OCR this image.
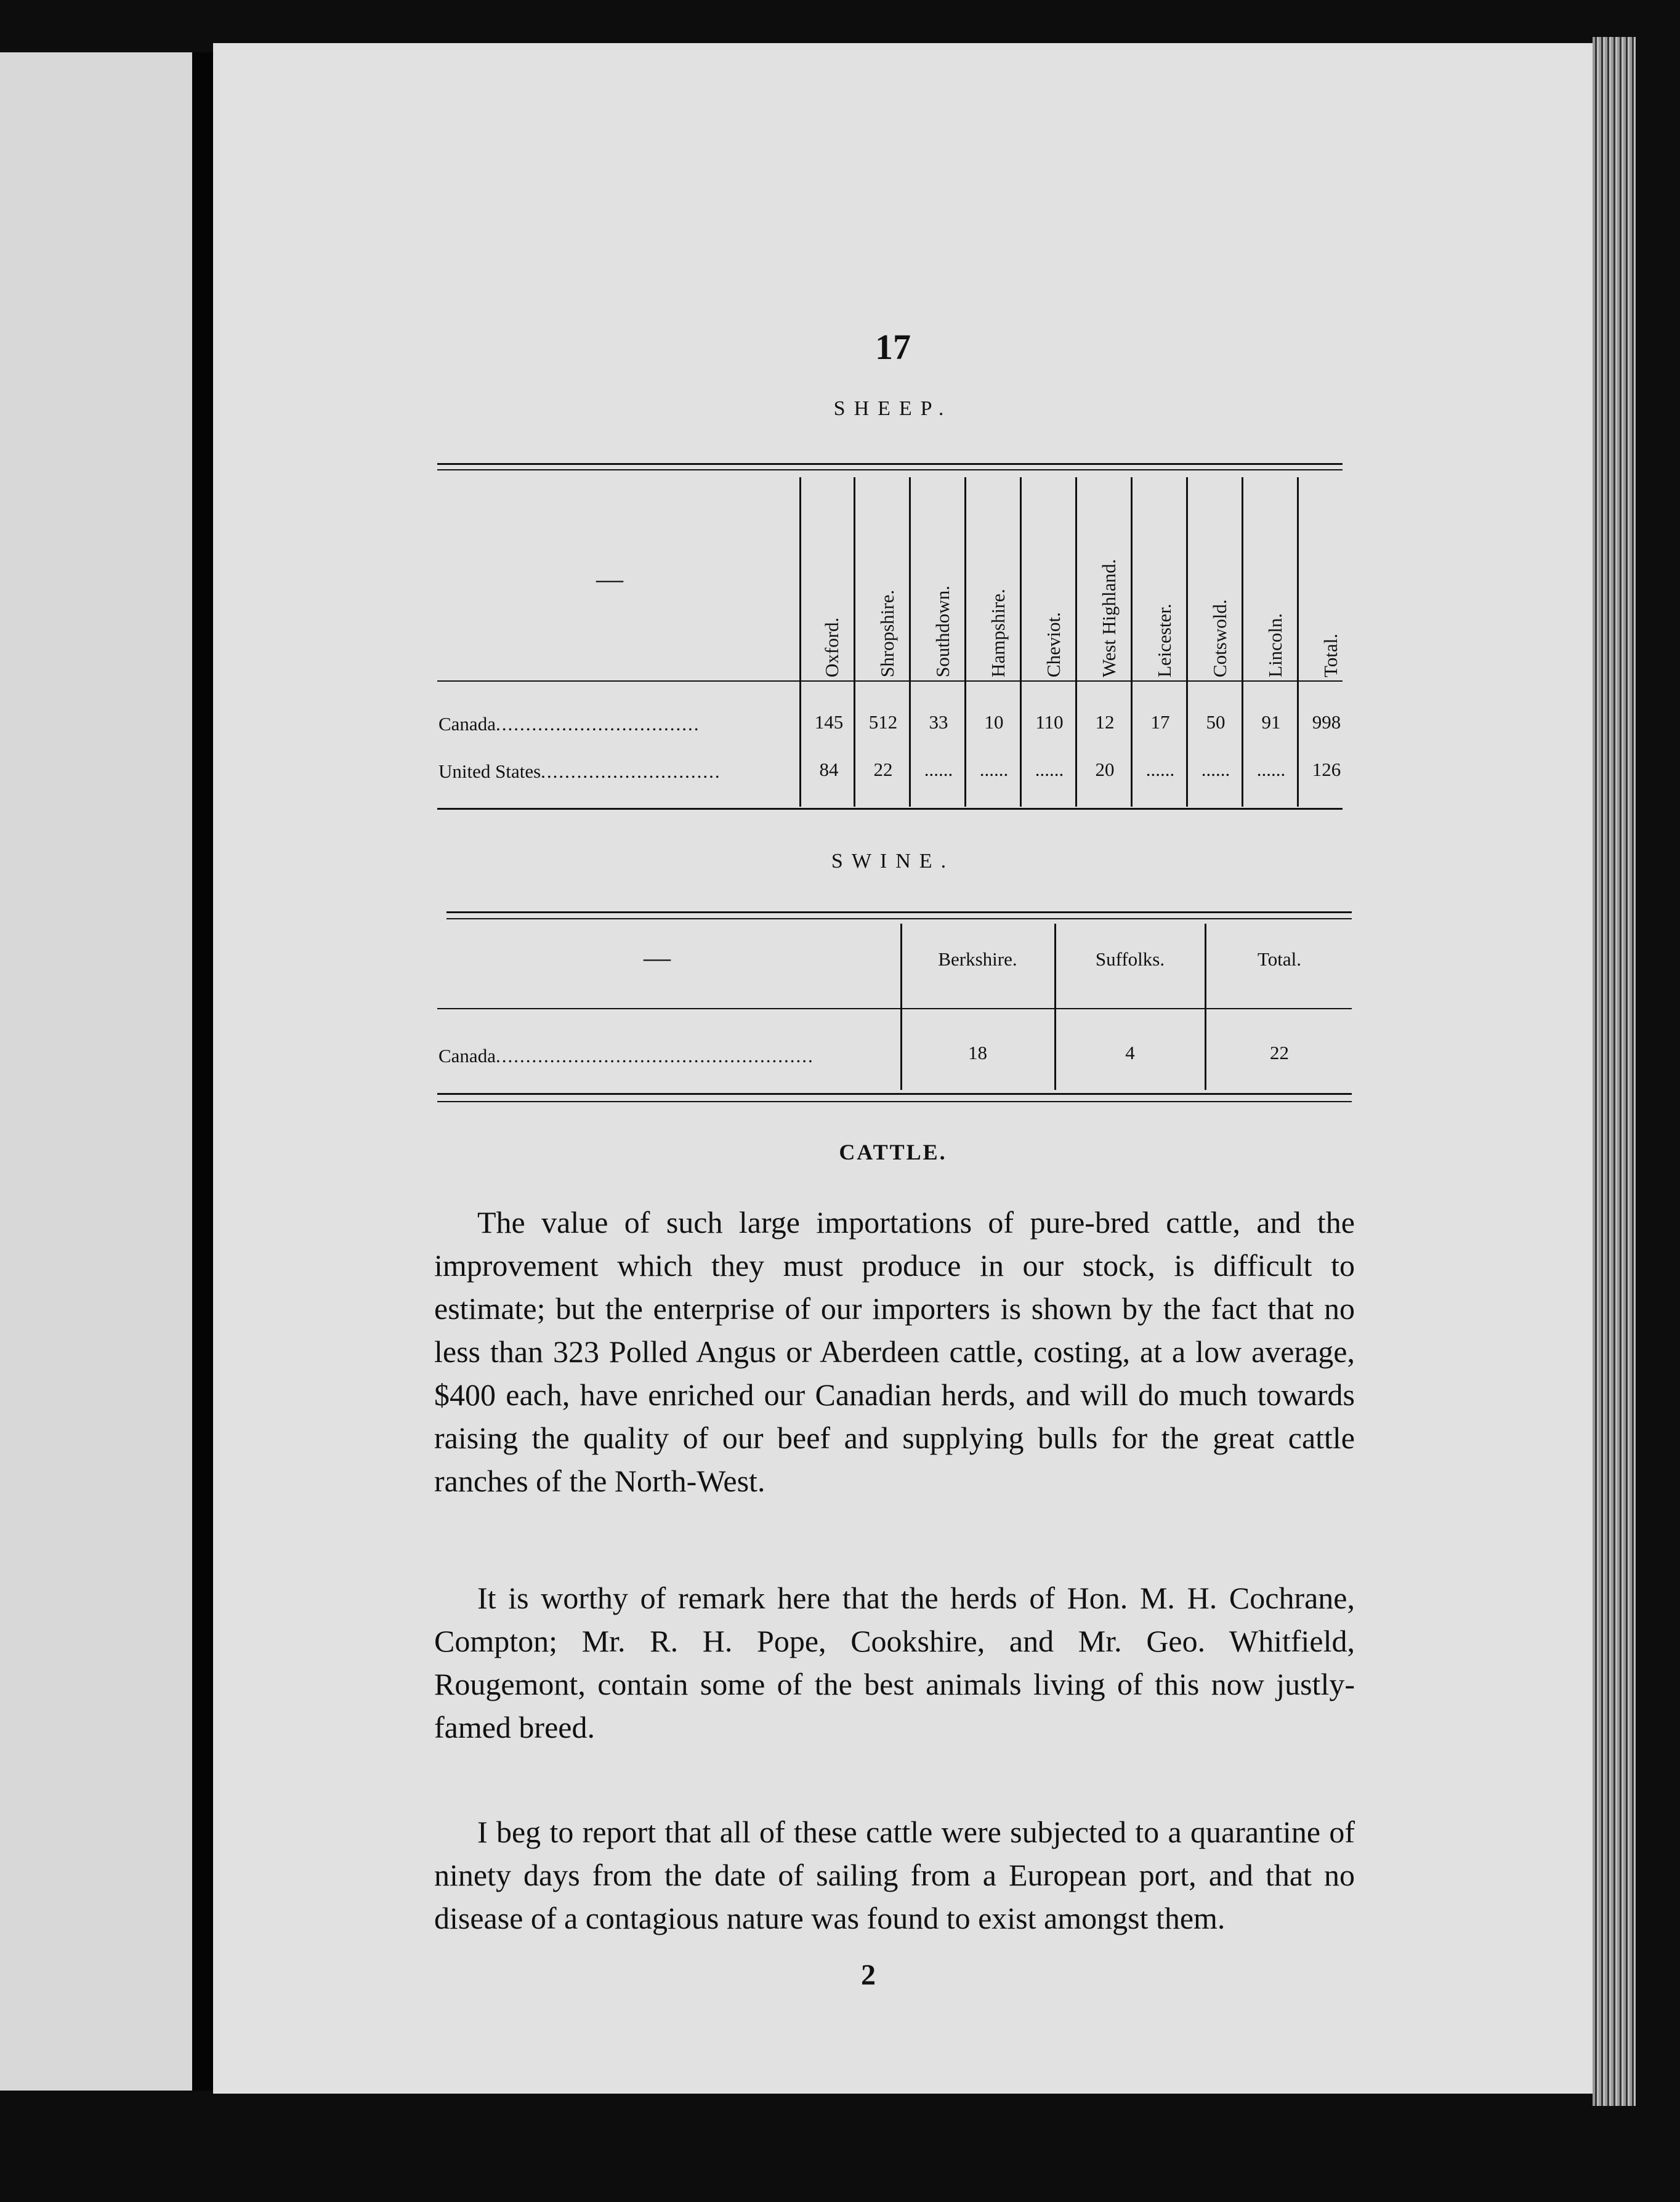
17
SHEEP.
—
Oxford. Shropshire. Southdown. Hampshire. Cheviot. West Highland. Leicester. Cotswold. Lincoln. Total.
Canada..................................	145	512	33	10	110	12	17	50	91	998
United States..............................	84	22	......	......	......	20	......	......	......	126
SWINE.
—	Berkshire.	Suffolks.	Total.
Canada.....................................................	18	4	22
CATTLE.
The value of such large importations of pure-bred cattle, and the improvement which they must produce in our stock, is difficult to estimate; but the enterprise of our importers is shown by the fact that no less than 323 Polled Angus or Aberdeen cattle, costing, at a low average, $400 each, have enriched our Canadian herds, and will do much towards raising the quality of our beef and supplying bulls for the great cattle ranches of the North-West.
It is worthy of remark here that the herds of Hon. M. H. Cochrane, Compton; Mr. R. H. Pope, Cookshire, and Mr. Geo. Whitfield, Rougemont, contain some of the best animals living of this now justly-famed breed.
I beg to report that all of these cattle were subjected to a quarantine of ninety days from the date of sailing from a European port, and that no disease of a contagious nature was found to exist amongst them.
2
